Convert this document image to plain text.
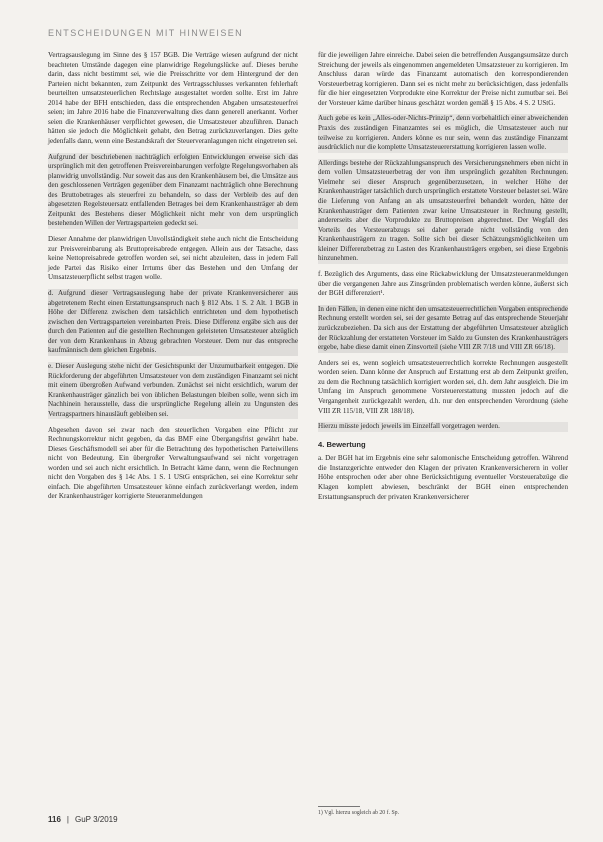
ENTSCHEIDUNGEN MIT HINWEISEN

Vertragsauslegung im Sinne des § 157 BGB. Die Verträge wiesen aufgrund der nicht beachteten Umstände dagegen eine planwidrige Regelungslücke auf. Dieses beruhe darin, dass nicht bestimmt sei, wie die Preisschritte vor dem Hintergrund der den Parteien nicht bekannten, zum Zeitpunkt des Vertragsschlusses verkannten fehlerhaft beurteilten umsatzsteuerlichen Rechtslage ausgestaltet worden sollte. Erst im Jahre 2014 habe der BFH entschieden, dass die entsprechenden Abgaben umsatzsteuerfrei seien; im Jahre 2016 habe die Finanzverwaltung dies dann generell anerkannt. Vorher seien die Krankenhäuser verpflichtet gewesen, die Umsatzsteuer abzuführen. Danach hätten sie jedoch die Möglichkeit gehabt, den Betrag zurückzuverlangen. Dies gelte jedenfalls dann, wenn eine Bestandskraft der Steuerveranlagungen nicht eingetreten sei.

Aufgrund der beschriebenen nachträglich erfolgten Entwicklungen erweise sich das ursprünglich mit den getroffenen Preisvereinbarungen verfolgte Regelungsvorhaben als planwidrig unvollständig. Nur soweit das aus den Krankenhäusern bei, die Umsätze aus den geschlossenen Verträgen gegenüber dem Finanzamt nachträglich ohne Berechnung des Bruttobetrages als steuerfrei zu behandeln, so dass der Verbleib des auf den abgesetzten Regelsteuersatz entfallenden Betrages bei dem Krankenhausträger ab dem Zeitpunkt des Bestehens dieser Möglichkeit nicht mehr von dem ursprünglich bestehenden Willen der Vertragsparteien gedeckt sei.

Dieser Annahme der planwidrigen Unvollständigkeit stehe auch nicht die Entscheidung zur Preisvereinbarung als Bruttopreisabrede entgegen. Allein aus der Tatsache, dass keine Nettopreisabrede getroffen worden sei, sei nicht abzuleiten, dass in jedem Fall jede Partei das Risiko einer Irrtums über das Bestehen und den Umfang der Umsatzsteuerpflicht selbst tragen wolle.

d. Aufgrund dieser Vertragsauslegung habe der private Krankenversicherer aus abgetretenem Recht einen Erstattungsanspruch nach § 812 Abs. 1 S. 2 Alt. 1 BGB in Höhe der Differenz zwischen dem tatsächlich entrichteten und dem hypothetisch zwischen den Vertragsparteien vereinbarten Preis. Diese Differenz ergäbe sich aus der durch den Patienten auf die gestellten Rechnungen geleisteten Umsatzsteuer abzüglich der von dem Krankenhaus in Abzug gebrachten Vorsteuer. Dem nur das entspreche kaufmännisch dem gleichen Ergebnis.

e. Dieser Auslegung stehe nicht der Gesichtspunkt der Unzumutbarkeit entgegen. Die Rückforderung der abgeführten Umsatzsteuer von dem zuständigen Finanzamt sei nicht mit einem übergroßen Aufwand verbunden. Zunächst sei nicht ersichtlich, warum der Krankenhausträger gänzlich bei von üblichen Belastungen bleiben solle, wenn sich im Nachhinein herausstelle, dass die ursprüngliche Regelung allein zu Ungunsten des Vertragspartners hinausläuft gebleiben sei.

Abgesehen davon sei zwar nach den steuerlichen Vorgaben eine Pflicht zur Rechnungskorrektur nicht gegeben, da das BMF eine Übergangsfrist gewährt habe. Dieses Geschäftsmodell sei aber für die Betrachtung des hypothetischen Parteiwillens nicht von Bedeutung. Ein übergroßer Verwaltungsaufwand sei nicht vorgetragen worden und sei auch nicht ersichtlich. In Betracht käme dann, wenn die Rechnungen nicht den Vorgaben des § 14c Abs. 1 S. 1 UStG entsprächen, sei eine Korrektur sehr einfach. Die abgeführten Umsatzsteuer könne einfach zurückverlangt werden, indem der Krankenhausträger korrigierte Steueranmeldungen

für die jeweiligen Jahre einreiche. Dabei seien die betreffenden Ausgangsumsätze durch Streichung der jeweils als eingenommen angemeldeten Umsatzsteuer zu korrigieren. Im Anschluss daran würde das Finanzamt automatisch den korrespondierenden Vorsteuerbetrag korrigieren. Dann sei es nicht mehr zu berücksichtigen, dass jedenfalls für die hier eingesetzten Vorprodukte eine Korrektur der Preise nicht zumutbar sei. Bei der Vorsteuer käme darüber hinaus geschätzt worden gemäß § 15 Abs. 4 S. 2 UStG.

Auch gebe es kein „Alles-oder-Nichts-Prinzip“, denn vorbehaltlich einer abweichenden Praxis des zuständigen Finanzamtes sei es möglich, die Umsatzsteuer auch nur teilweise zu korrigieren. Anders könne es nur sein, wenn das zuständige Finanzamt ausdrücklich nur die komplette Umsatzsteuererstattung korrigieren lassen wolle.

Allerdings bestehe der Rückzahlungsanspruch des Versicherungsnehmers eben nicht in dem vollen Umsatzsteuerbetrag der von ihm ursprünglich gezahlten Rechnungen. Vielmehr sei dieser Anspruch gegenüberzusetzen, in welcher Höhe der Krankenhausträger tatsächlich durch ursprünglich erstattete Vorsteuer belastet sei. Wäre die Lieferung von Anfang an als umsatzsteuerfrei behandelt worden, hätte der Krankenhausträger dem Patienten zwar keine Umsatzsteuer in Rechnung gestellt, andererseits aber die Vorprodukte zu Bruttopreisen abgerechnet. Der Wegfall des Vorteils des Vorsteuerabzugs sei daher gerade nicht vollständig von den Krankenhausträgern zu tragen. Sollte sich bei dieser Schätzungsmöglichkeiten um kleiner Differenzbetrag zu Lasten des Krankenhausträgers ergeben, sei diese Ergebnis hinzunehmen.

f. Bezüglich des Arguments, dass eine Rückabwicklung der Umsatzsteueranmeldungen über die vergangenen Jahre aus Zinsgründen problematisch werden könne, äußerst sich der BGH differenziert¹.

In den Fällen, in denen eine nicht den umsatzsteuerrechtlichen Vorgaben entsprechende Rechnung erstellt worden sei, sei der gesamte Betrag auf das entsprechende Steuerjahr zurückzubeziehen. Da sich aus der Erstattung der abgeführten Umsatzsteuer abzüglich der Rückzahlung der erstatteten Vorsteuer im Saldo zu Gunsten des Krankenhausträgers ergebe, habe diese damit einen Zinsvorteil (siehe VIII ZR 7/18 und VIII ZR 66/18).

Anders sei es, wenn sogleich umsatzsteuerrechtlich korrekte Rechnungen ausgestellt worden seien. Dann könne der Anspruch auf Erstattung erst ab dem Zeitpunkt greifen, zu dem die Rechnung tatsächlich korrigiert worden sei, d.h. dem Jahr ausgleich. Die im Umfang im Anspruch genommene Vorsteuererstattung mussten jedoch auf die Vergangenheit zurückgezahlt werden, d.h. nur den entsprechenden Verordnung (siehe VIII ZR 115/18, VIII ZR 188/18).

Hierzu müsste jedoch jeweils im Einzelfall vorgetragen werden.

4. Bewertung

a. Der BGH hat im Ergebnis eine sehr salomonische Entscheidung getroffen. Während die Instanzgerichte entweder den Klagen der privaten Krankenversicherern in voller Höhe entsprochen oder aber ohne Berücksichtigung eventueller Vorsteuerabzüge die Klagen komplett abwiesen, beschränkt der BGH einen entsprechenden Erstattungsanspruch der privaten Krankenversicherer

1) Vgl. hierzu sogleich ab 20 f. Sp.
116 | GuP 3/2019
